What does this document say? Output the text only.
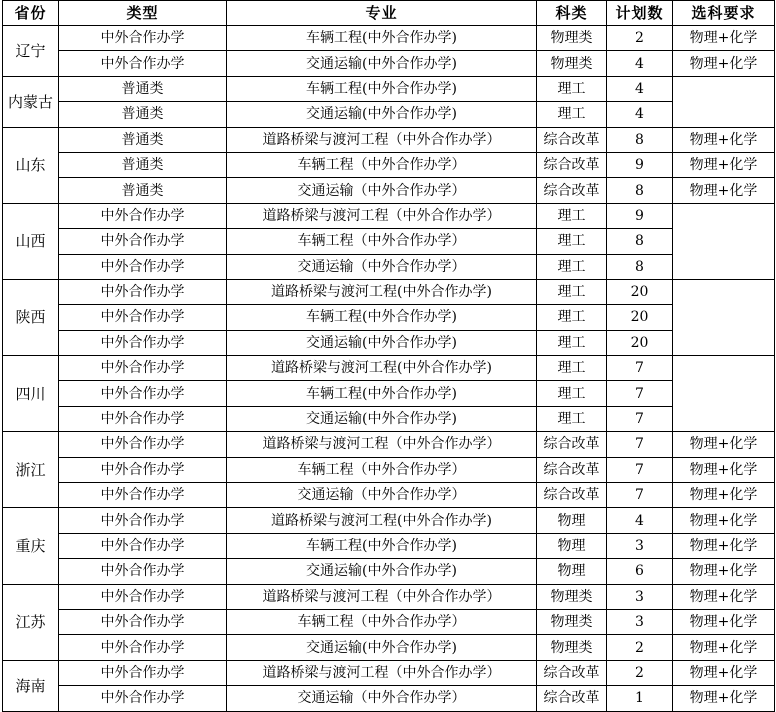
省份	类型	专业	科类	计划数	选科要求
辽宁	中外合作办学	车辆工程(中外合作办学)	物理类	2	物理+化学
	中外合作办学	交通运输(中外合作办学)	物理类	4	物理+化学
内蒙古	普通类	车辆工程(中外合作办学)	理工	4	
	普通类	交通运输(中外合作办学)	理工	4	
山东	普通类	道路桥梁与渡河工程（中外合作办学）	综合改革	8	物理+化学
	普通类	车辆工程（中外合作办学）	综合改革	9	物理+化学
	普通类	交通运输（中外合作办学）	综合改革	8	物理+化学
山西	中外合作办学	道路桥梁与渡河工程（中外合作办学）	理工	9	
	中外合作办学	车辆工程（中外合作办学）	理工	8	
	中外合作办学	交通运输（中外合作办学）	理工	8	
陕西	中外合作办学	道路桥梁与渡河工程(中外合作办学)	理工	20	
	中外合作办学	车辆工程(中外合作办学)	理工	20	
	中外合作办学	交通运输(中外合作办学)	理工	20	
四川	中外合作办学	道路桥梁与渡河工程(中外合作办学)	理工	7	
	中外合作办学	车辆工程(中外合作办学)	理工	7	
	中外合作办学	交通运输(中外合作办学)	理工	7	
浙江	中外合作办学	道路桥梁与渡河工程（中外合作办学）	综合改革	7	物理+化学
	中外合作办学	车辆工程（中外合作办学）	综合改革	7	物理+化学
	中外合作办学	交通运输（中外合作办学）	综合改革	7	物理+化学
重庆	中外合作办学	道路桥梁与渡河工程(中外合作办学)	物理	4	物理+化学
	中外合作办学	车辆工程(中外合作办学)	物理	3	物理+化学
	中外合作办学	交通运输(中外合作办学)	物理	6	物理+化学
江苏	中外合作办学	道路桥梁与渡河工程（中外合作办学）	物理类	3	物理+化学
	中外合作办学	车辆工程（中外合作办学）	物理类	3	物理+化学
	中外合作办学	交通运输(中外合作办学)	物理类	2	物理+化学
海南	中外合作办学	道路桥梁与渡河工程（中外合作办学）	综合改革	2	物理+化学
	中外合作办学	交通运输（中外合作办学）	综合改革	1	物理+化学
